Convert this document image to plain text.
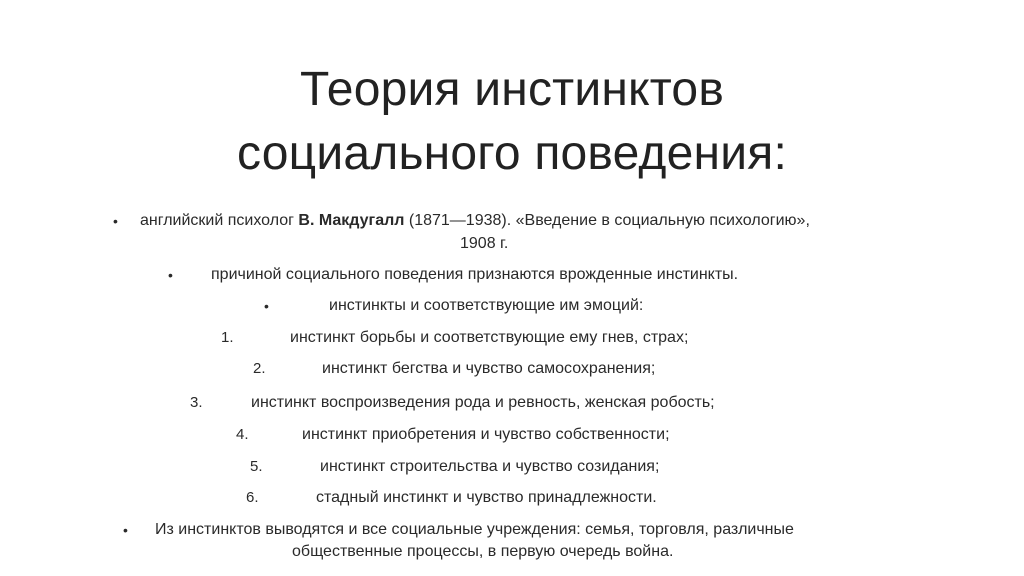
Теория инстинктов
социального поведения:
• английский психолог В. Макдугалл (1871—1938). «Введение в социальную психологию»,
1908 г.
• причиной социального поведения признаются врожденные инстинкты.
•	инстинкты и соответствующие им эмоций:
1.	инстинкт борьбы и соответствующие ему гнев, страх;
2.	инстинкт бегства и чувство самосохранения;
3.	инстинкт воспроизведения рода и ревность, женская робость;
4.	инстинкт приобретения и чувство собственности;
5.	инстинкт строительства и чувство созидания;
6.	стадный инстинкт и чувство принадлежности.
• Из инстинктов выводятся и все социальные учреждения: семья, торговля, различные
общественные процессы, в первую очередь война.
